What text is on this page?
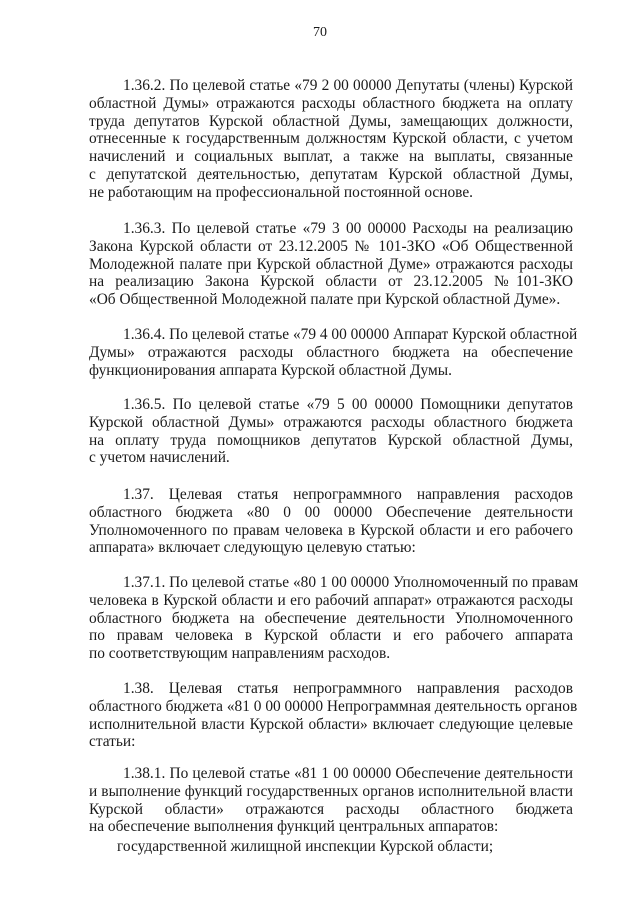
70
1.36.2. По целевой статье «79 2 00 00000 Депутаты (члены) Курской
областной Думы» отражаются расходы областного бюджета на оплату
труда депутатов Курской областной Думы, замещающих должности,
отнесенные к государственным должностям Курской области, с учетом
начислений и социальных выплат, а также на выплаты, связанные
с депутатской деятельностью, депутатам Курской областной Думы,
не работающим на профессиональной постоянной основе.
1.36.3. По целевой статье «79 3 00 00000 Расходы на реализацию
Закона Курской области от 23.12.2005 № 101-ЗКО «Об Общественной
Молодежной палате при Курской областной Думе» отражаются расходы
на реализацию Закона Курской области от 23.12.2005 №101-ЗКО
«Об Общественной Молодежной палате при Курской областной Думе».
1.36.4. По целевой статье «79 4 00 00000 Аппарат Курской областной
Думы» отражаются расходы областного бюджета на обеспечение
функционирования аппарата Курской областной Думы.
1.36.5. По целевой статье «79 5 00 00000 Помощники депутатов
Курской областной Думы» отражаются расходы областного бюджета
на оплату труда помощников депутатов Курской областной Думы,
с учетом начислений.
1.37. Целевая статья непрограммного направления расходов
областного бюджета «80 0 00 00000 Обеспечение деятельности
Уполномоченного по правам человека в Курской области и его рабочего
аппарата» включает следующую целевую статью:
1.37.1. По целевой статье «80 1 00 00000 Уполномоченный по правам
человека в Курской области и его рабочий аппарат» отражаются расходы
областного бюджета на обеспечение деятельности Уполномоченного
по правам человека в Курской области и его рабочего аппарата
по соответствующим направлениям расходов.
1.38. Целевая статья непрограммного направления расходов
областного бюджета «81 0 00 00000 Непрограммная деятельность органов
исполнительной власти Курской области» включает следующие целевые
статьи:
1.38.1. По целевой статье «81 1 00 00000 Обеспечение деятельности
и выполнение функций государственных органов исполнительной власти
Курской области» отражаются расходы областного бюджета
на обеспечение выполнения функций центральных аппаратов:
государственной жилищной инспекции Курской области;
